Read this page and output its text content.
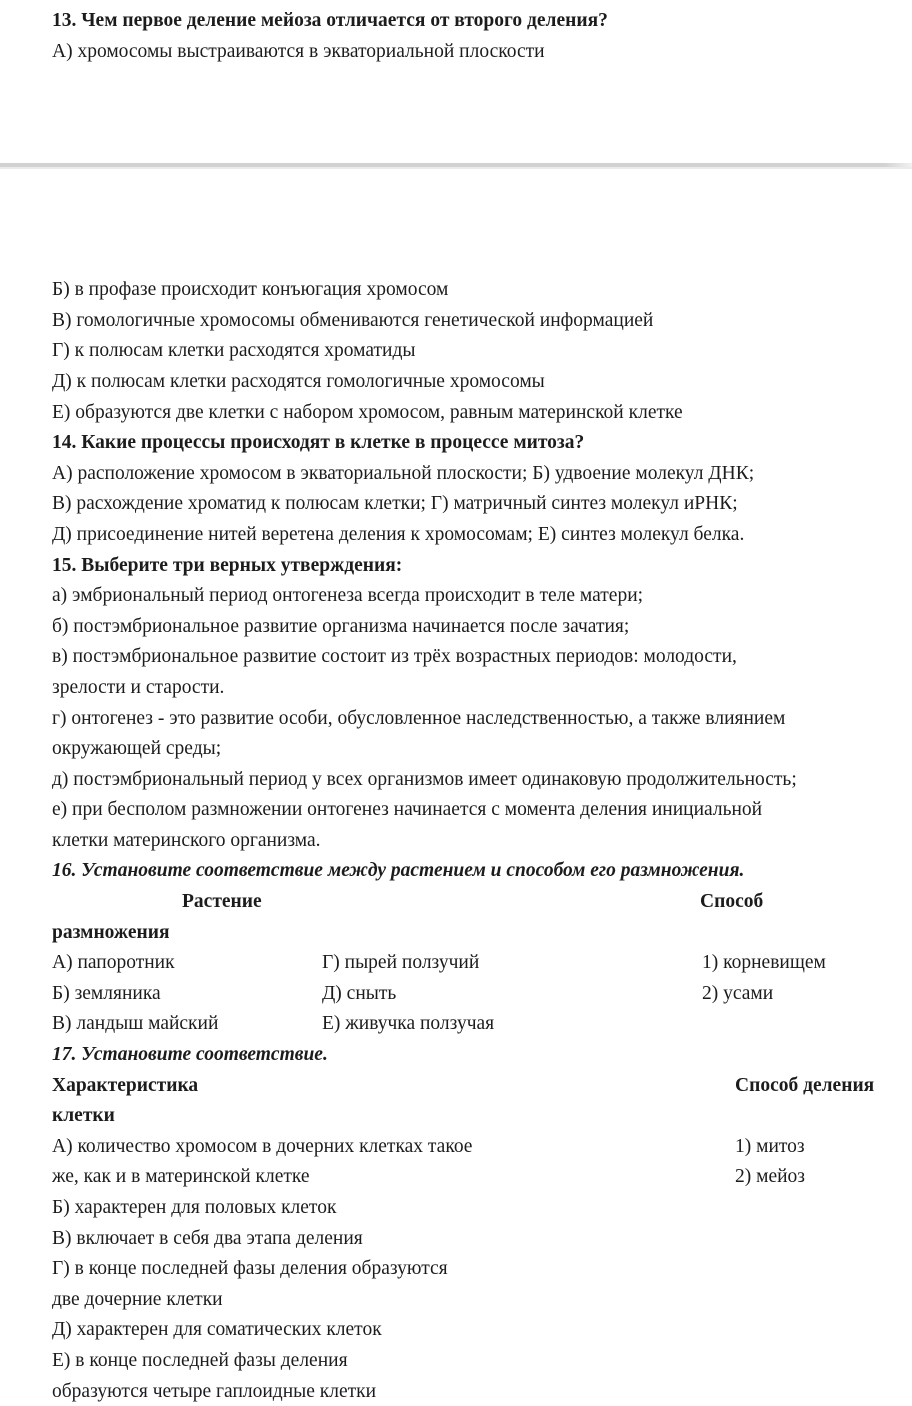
13. Чем первое деление мейоза отличается от второго деления?
А) хромосомы выстраиваются в экваториальной плоскости
Б) в профазе происходит конъюгация хромосом
В) гомологичные хромосомы обмениваются генетической информацией
Г) к полюсам клетки расходятся хроматиды
Д) к полюсам клетки расходятся гомологичные хромосомы
Е) образуются две клетки с набором хромосом, равным материнской клетке
14. Какие процессы происходят в клетке в процессе митоза?
А) расположение хромосом в экваториальной плоскости; Б) удвоение молекул ДНК;
В) расхождение хроматид к полюсам клетки; Г) матричный синтез молекул иРНК;
Д) присоединение нитей веретена деления к хромосомам; Е) синтез молекул белка.
15. Выберите три верных утверждения:
а) эмбриональный период онтогенеза всегда происходит в теле матери;
б) постэмбриональное развитие организма начинается после зачатия;
в) постэмбриональное развитие состоит из трёх возрастных периодов: молодости,
зрелости и старости.
г) онтогенез - это развитие особи, обусловленное наследственностью, а также влиянием
окружающей среды;
д) постэмбриональный период у всех организмов имеет одинаковую продолжительность;
е) при бесполом размножении онтогенез начинается с момента деления инициальной
клетки материнского организма.
16. Установите соответствие между растением и способом его размножения.
Растение	Способ
размножения
А) папоротник	Г) пырей ползучий	1) корневищем
Б) земляника	Д) сныть	2) усами
В) ландыш майский	Е) живучка ползучая
17. Установите соответствие.
Характеристика	Способ деления
клетки
А) количество хромосом в дочерних клетках такое	1) митоз
же, как и в материнской клетке	2) мейоз
Б) характерен для половых клеток
В) включает в себя два этапа деления
Г) в конце последней фазы деления образуются
две дочерние клетки
Д) характерен для соматических клеток
Е) в конце последней фазы деления
образуются четыре гаплоидные клетки
